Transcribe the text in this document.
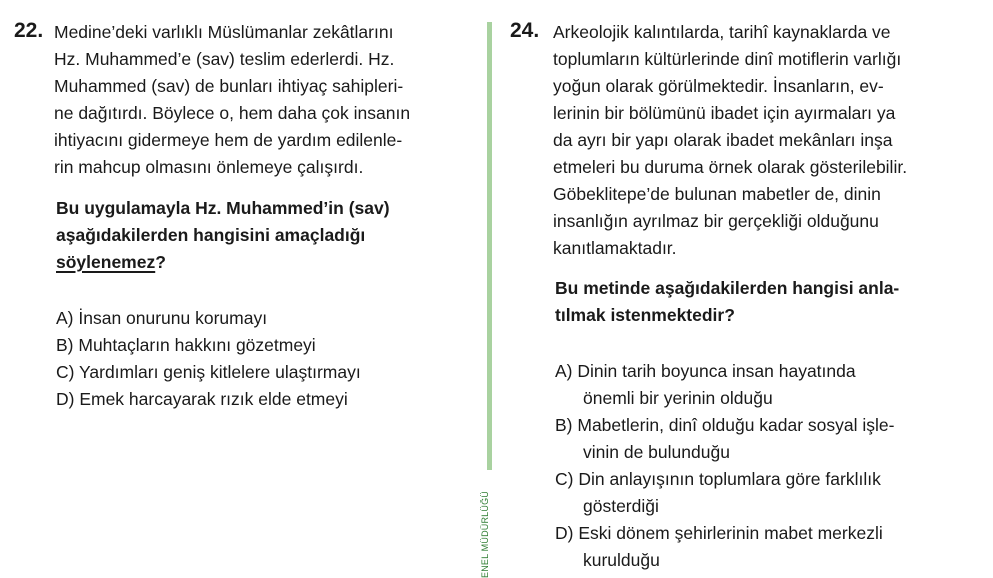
22. Medine’deki varlıklı Müslümanlar zekâtlarını
Hz. Muhammed’e (sav) teslim ederlerdi. Hz.
Muhammed (sav) de bunları ihtiyaç sahipleri-
ne dağıtırdı. Böylece o, hem daha çok insanın
ihtiyacını gidermeye hem de yardım edilenle-
rin mahcup olmasını önlemeye çalışırdı.
Bu uygulamayla Hz. Muhammed’in (sav)
aşağıdakilerden hangisini amaçladığı
söylenemez?
A) İnsan onurunu korumayı
B) Muhtaçların hakkını gözetmeyi
C) Yardımları geniş kitlelere ulaştırmayı
D) Emek harcayarak rızık elde etmeyi
ENEL MÜDÜRLÜĞÜ
24. Arkeolojik kalıntılarda, tarihî kaynaklarda ve
toplumların kültürlerinde dinî motiflerin varlığı
yoğun olarak görülmektedir. İnsanların, ev-
lerinin bir bölümünü ibadet için ayırmaları ya
da ayrı bir yapı olarak ibadet mekânları inşa
etmeleri bu duruma örnek olarak gösterilebilir.
Göbeklitepe’de bulunan mabetler de, dinin
insanlığın ayrılmaz bir gerçekliği olduğunu
kanıtlamaktadır.
Bu metinde aşağıdakilerden hangisi anla-
tılmak istenmektedir?
A) Dinin tarih boyunca insan hayatında
önemli bir yerinin olduğu
B) Mabetlerin, dinî olduğu kadar sosyal işle-
vinin de bulunduğu
C) Din anlayışının toplumlara göre farklılık
gösterdiği
D) Eski dönem şehirlerinin mabet merkezli
kurulduğu
